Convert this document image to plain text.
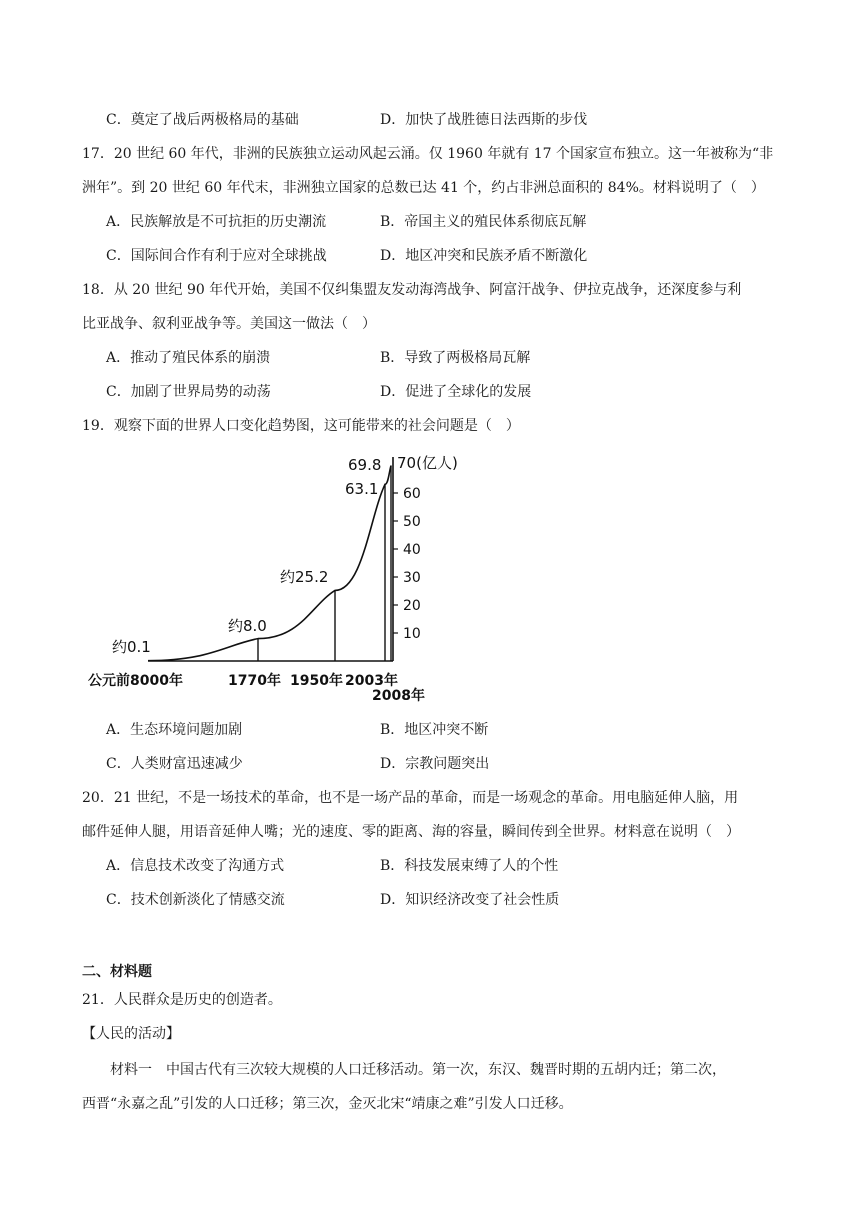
C．奠定了战后两极格局的基础	D．加快了战胜德日法西斯的步伐
17．20 世纪 60 年代，非洲的民族独立运动风起云涌。仅 1960 年就有 17 个国家宣布独立。这一年被称为“非
洲年”。到 20 世纪 60 年代末，非洲独立国家的总数已达 41 个，约占非洲总面积的 84%。材料说明了（　）
A．民族解放是不可抗拒的历史潮流	B．帝国主义的殖民体系彻底瓦解
C．国际间合作有利于应对全球挑战	D．地区冲突和民族矛盾不断激化
18．从 20 世纪 90 年代开始，美国不仅纠集盟友发动海湾战争、阿富汗战争、伊拉克战争，还深度参与利
比亚战争、叙利亚战争等。美国这一做法（　）
A．推动了殖民体系的崩溃	B．导致了两极格局瓦解
C．加剧了世界局势的动荡	D．促进了全球化的发展
19．观察下面的世界人口变化趋势图，这可能带来的社会问题是（　）
10
20
30
40
50
60
70(亿人)
约0.1
约8.0
约25.2
63.1
69.8
公元前8000年	1770年 1950年 2003年
2008年
A．生态环境问题加剧	B．地区冲突不断
C．人类财富迅速减少	D．宗教问题突出
20．21 世纪，不是一场技术的革命，也不是一场产品的革命，而是一场观念的革命。用电脑延伸人脑，用
邮件延伸人腿，用语音延伸人嘴；光的速度、零的距离、海的容量，瞬间传到全世界。材料意在说明（　）
A．信息技术改变了沟通方式	B．科技发展束缚了人的个性
C．技术创新淡化了情感交流	D．知识经济改变了社会性质
二、材料题
21．人民群众是历史的创造者。
【人民的活动】
材料一　中国古代有三次较大规模的人口迁移活动。第一次，东汉、魏晋时期的五胡内迁；第二次，
西晋“永嘉之乱”引发的人口迁移；第三次，金灭北宋“靖康之难”引发人口迁移。
